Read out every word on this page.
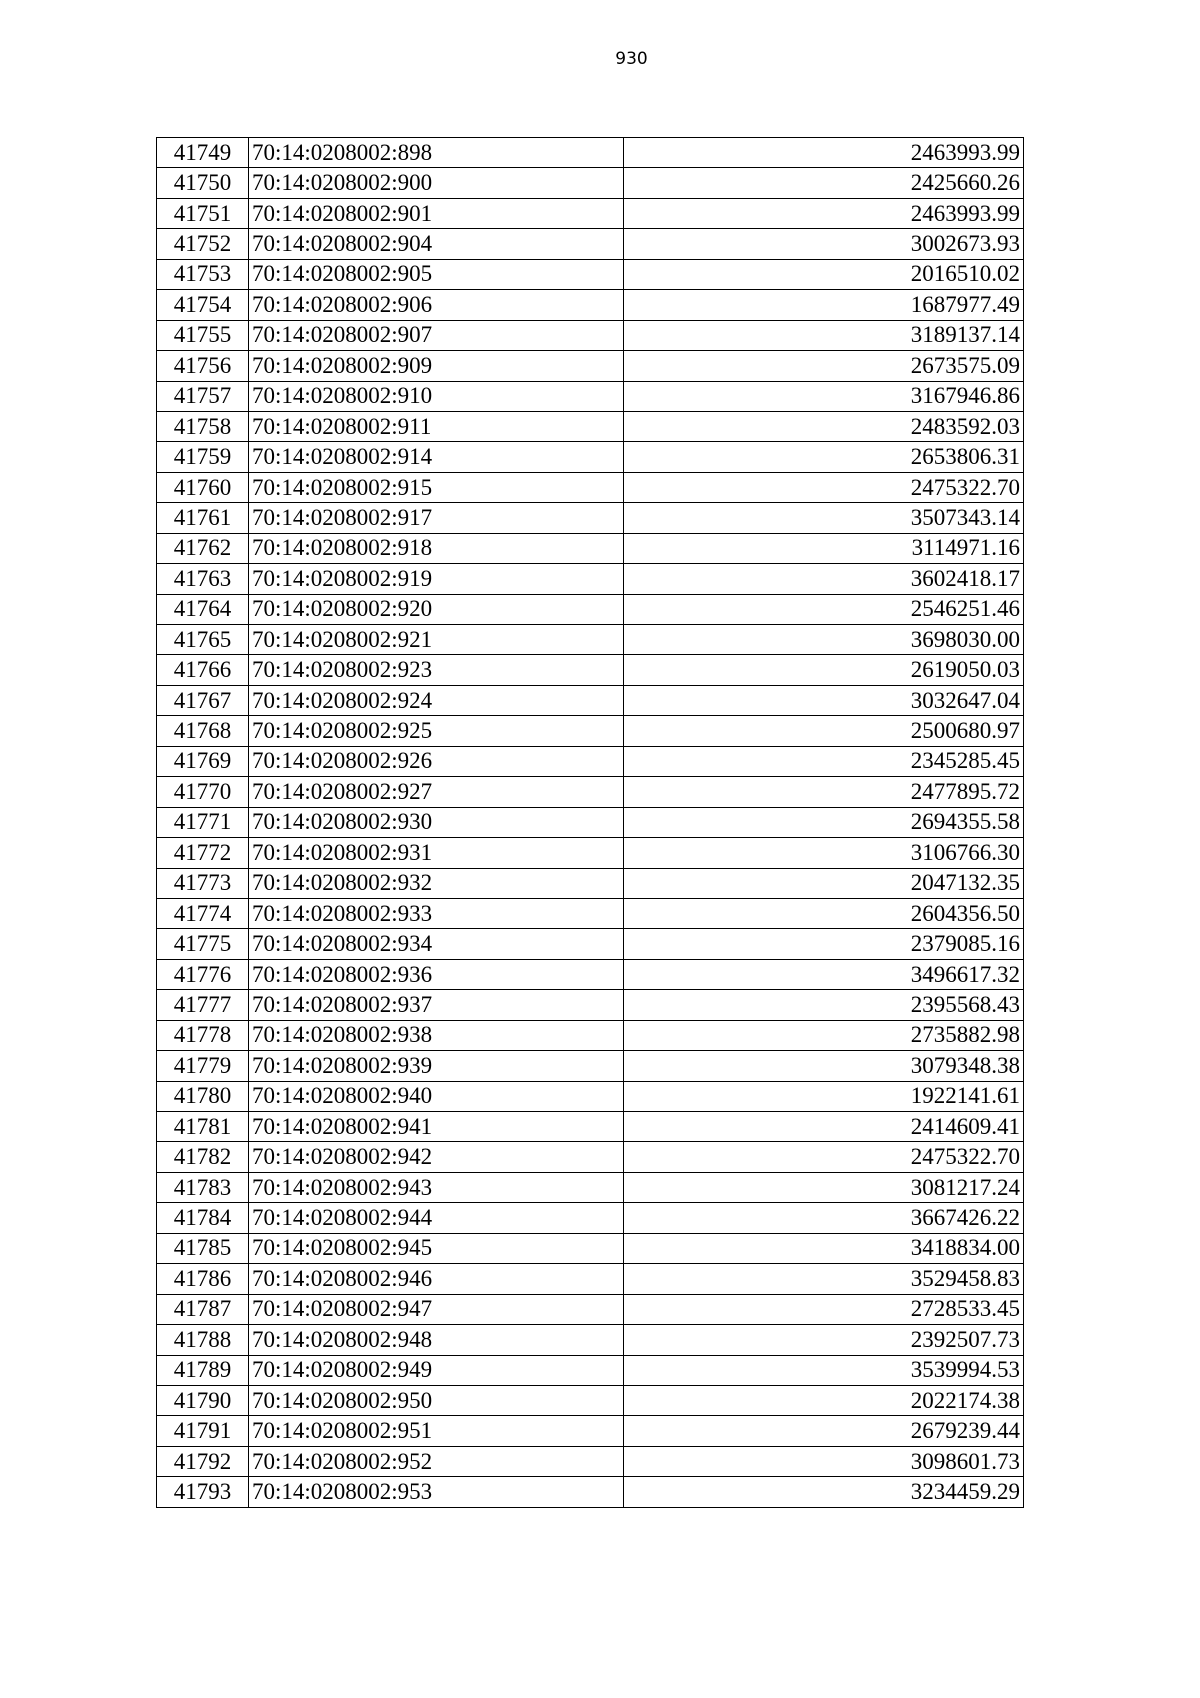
930
41749	70:14:0208002:898	2463993.99
41750	70:14:0208002:900	2425660.26
41751	70:14:0208002:901	2463993.99
41752	70:14:0208002:904	3002673.93
41753	70:14:0208002:905	2016510.02
41754	70:14:0208002:906	1687977.49
41755	70:14:0208002:907	3189137.14
41756	70:14:0208002:909	2673575.09
41757	70:14:0208002:910	3167946.86
41758	70:14:0208002:911	2483592.03
41759	70:14:0208002:914	2653806.31
41760	70:14:0208002:915	2475322.70
41761	70:14:0208002:917	3507343.14
41762	70:14:0208002:918	3114971.16
41763	70:14:0208002:919	3602418.17
41764	70:14:0208002:920	2546251.46
41765	70:14:0208002:921	3698030.00
41766	70:14:0208002:923	2619050.03
41767	70:14:0208002:924	3032647.04
41768	70:14:0208002:925	2500680.97
41769	70:14:0208002:926	2345285.45
41770	70:14:0208002:927	2477895.72
41771	70:14:0208002:930	2694355.58
41772	70:14:0208002:931	3106766.30
41773	70:14:0208002:932	2047132.35
41774	70:14:0208002:933	2604356.50
41775	70:14:0208002:934	2379085.16
41776	70:14:0208002:936	3496617.32
41777	70:14:0208002:937	2395568.43
41778	70:14:0208002:938	2735882.98
41779	70:14:0208002:939	3079348.38
41780	70:14:0208002:940	1922141.61
41781	70:14:0208002:941	2414609.41
41782	70:14:0208002:942	2475322.70
41783	70:14:0208002:943	3081217.24
41784	70:14:0208002:944	3667426.22
41785	70:14:0208002:945	3418834.00
41786	70:14:0208002:946	3529458.83
41787	70:14:0208002:947	2728533.45
41788	70:14:0208002:948	2392507.73
41789	70:14:0208002:949	3539994.53
41790	70:14:0208002:950	2022174.38
41791	70:14:0208002:951	2679239.44
41792	70:14:0208002:952	3098601.73
41793	70:14:0208002:953	3234459.29
